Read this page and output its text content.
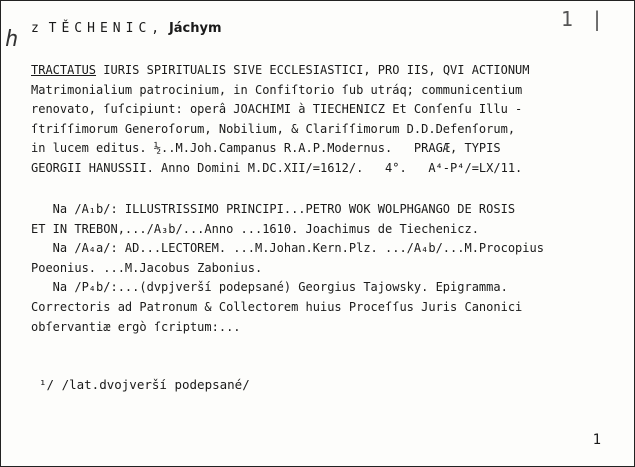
h
1 |
z TĚCHENIC, Jáchym
TRACTATUS IURIS SPIRITUALIS SIVE ECCLESIASTICI, PRO IIS, QVI ACTIONUM
Matrimonialium patrocinium, in Confiſtorio ſub utráq; communicentium
renovato, ſuſcipiunt: operâ JOACHIMI à TIECHENICZ Et Conſenſu Illu -
ſtriſſimorum Generoſorum, Nobilium, & Clariſſimorum D.D.Defenſorum,
in lucem editus. ½..M.Joh.Campanus R.A.P.Modernus.   PRAGÆ, TYPIS
GEORGII HANUSSII. Anno Domini M.DC.XII/=1612/.   4°.   A⁴-P⁴/=LX/11.
Na /A₁b/: ILLUSTRISSIMO PRINCIPI...PETRO WOK WOLPHGANGO DE ROSIS
ET IN TREBON,.../A₃b/...Anno ...1610. Joachimus de Tiechenicz.
Na /A₄a/: AD...LECTOREM. ...M.Johan.Kern.Plz. .../A₄b/...M.Procopius
Poeonius. ...M.Jacobus Zabonius.
Na /P₄b/:...(dvpjverší podepsané) Georgius Tajowsky. Epigramma.
Correctoris ad Patronum & Collectorem huius Proceſſus Juris Canonici
obſervantiæ ergò ſcriptum:...
¹/ /lat.dvojverší podepsané/
1
